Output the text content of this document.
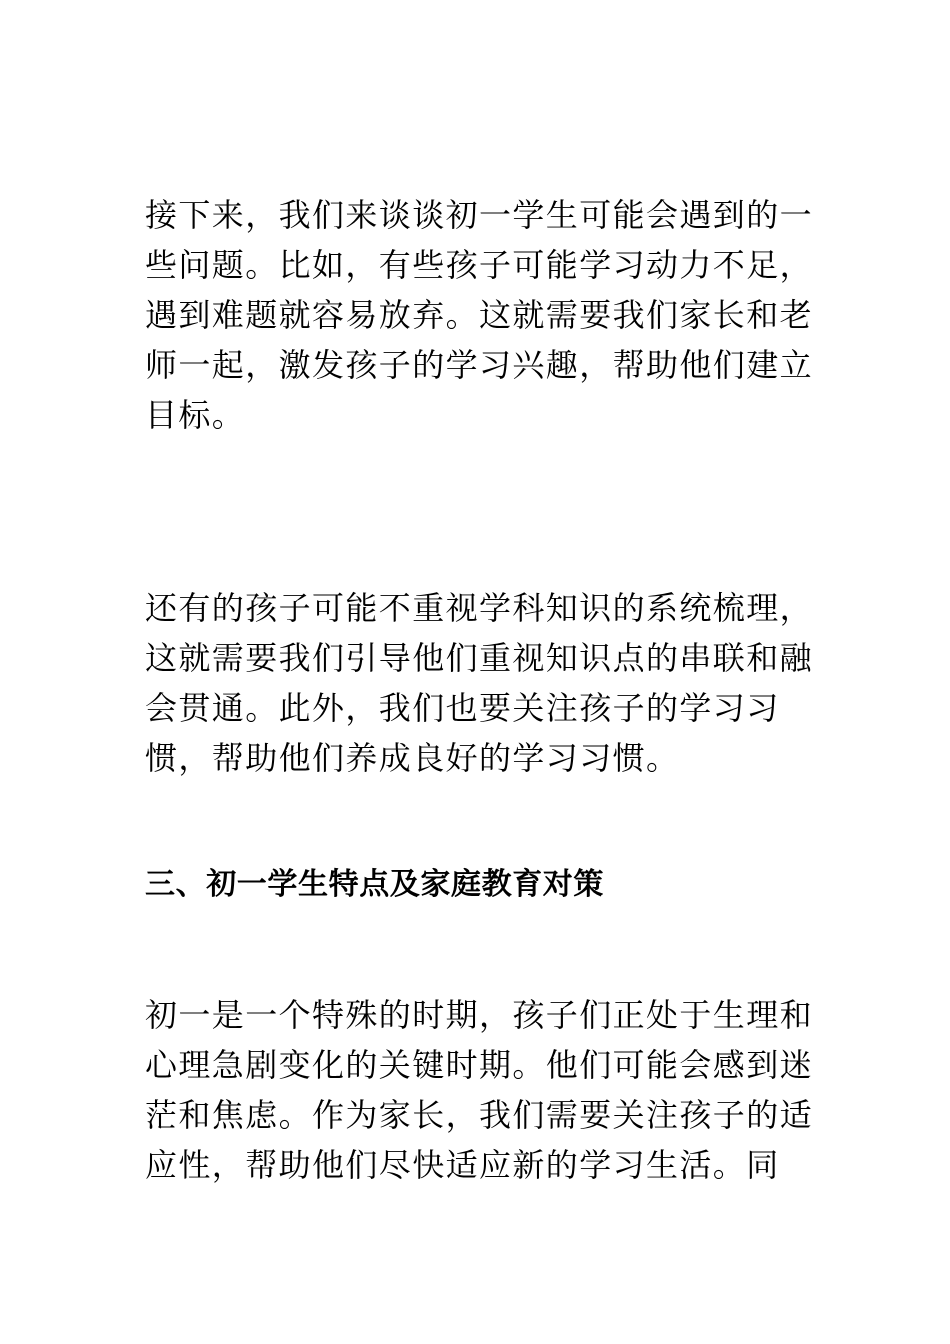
接下来，我们来谈谈初一学生可能会遇到的一
些问题。比如，有些孩子可能学习动力不足，
遇到难题就容易放弃。这就需要我们家长和老
师一起，激发孩子的学习兴趣，帮助他们建立
目标。
还有的孩子可能不重视学科知识的系统梳理，
这就需要我们引导他们重视知识点的串联和融
会贯通。此外，我们也要关注孩子的学习习
惯，帮助他们养成良好的学习习惯。
三、初一学生特点及家庭教育对策
初一是一个特殊的时期，孩子们正处于生理和
心理急剧变化的关键时期。他们可能会感到迷
茫和焦虑。作为家长，我们需要关注孩子的适
应性，帮助他们尽快适应新的学习生活。同
